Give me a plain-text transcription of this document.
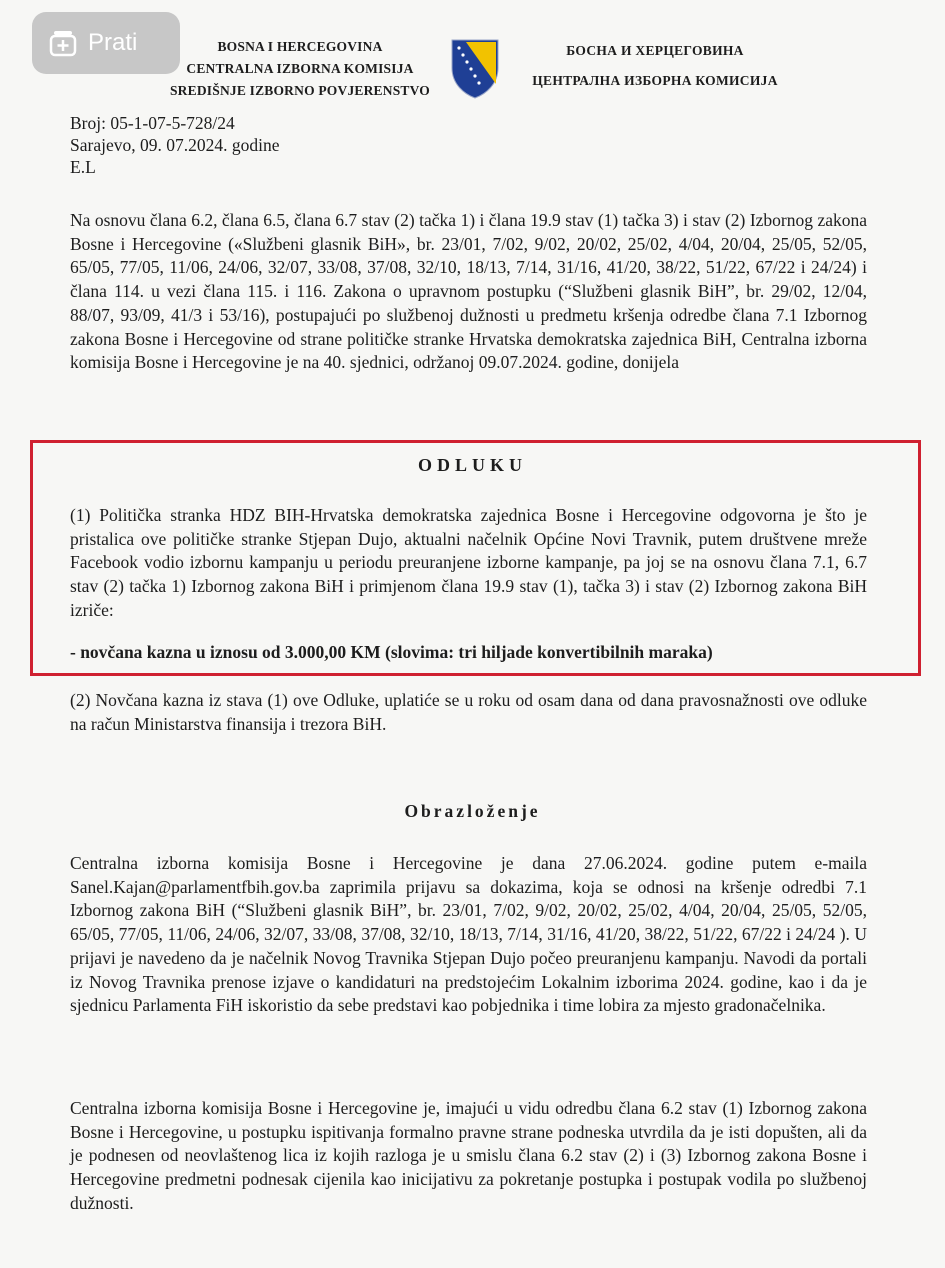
BOSNA I HERCEGOVINA
CENTRALNA IZBORNA KOMISIJA
SREDIŠNJE IZBORNO POVJERENSTVO
БОСНА И ХЕРЦЕГОВИНА
ЦЕНТРАЛНА ИЗБОРНА КОМИСИЈА
Prati
Broj: 05-1-07-5-728/24
Sarajevo, 09. 07.2024. godine
E.L

Na osnovu člana 6.2, člana 6.5, člana 6.7 stav (2) tačka 1) i člana 19.9 stav (1) tačka 3) i stav (2) Izbornog zakona Bosne i Hercegovine («Službeni glasnik BiH», br. 23/01, 7/02, 9/02, 20/02, 25/02, 4/04, 20/04, 25/05, 52/05, 65/05, 77/05, 11/06, 24/06, 32/07, 33/08, 37/08, 32/10, 18/13, 7/14, 31/16, 41/20, 38/22, 51/22, 67/22 i 24/24) i člana 114. u vezi člana 115. i 116. Zakona o upravnom postupku (“Službeni glasnik BiH”, br. 29/02, 12/04, 88/07, 93/09, 41/3 i 53/16), postupajući po službenoj dužnosti u predmetu kršenja odredbe člana 7.1 Izbornog zakona Bosne i Hercegovine od strane političke stranke Hrvatska demokratska zajednica BiH, Centralna izborna komisija Bosne i Hercegovine je na 40. sjednici, održanoj 09.07.2024. godine, donijela

ODLUKU

(1) Politička stranka HDZ BIH-Hrvatska demokratska zajednica Bosne i Hercegovine odgovorna je što je pristalica ove političke stranke Stjepan Dujo, aktualni načelnik Općine Novi Travnik, putem društvene mreže Facebook vodio izbornu kampanju u periodu preuranjene izborne kampanje, pa joj se na osnovu člana 7.1, 6.7 stav (2) tačka 1) Izbornog zakona BiH i primjenom člana 19.9 stav (1), tačka 3) i stav (2) Izbornog zakona BiH izriče:

- novčana kazna u iznosu od 3.000,00 KM (slovima: tri hiljade konvertibilnih maraka)

(2) Novčana kazna iz stava (1) ove Odluke, uplatiće se u roku od osam dana od dana pravosnažnosti ove odluke na račun Ministarstva finansija i trezora BiH.

Obrazloženje

Centralna izborna komisija Bosne i Hercegovine je dana 27.06.2024. godine putem e-maila Sanel.Kajan@parlamentfbih.gov.ba zaprimila prijavu sa dokazima, koja se odnosi na kršenje odredbi 7.1 Izbornog zakona BiH (“Službeni glasnik BiH”, br. 23/01, 7/02, 9/02, 20/02, 25/02, 4/04, 20/04, 25/05, 52/05, 65/05, 77/05, 11/06, 24/06, 32/07, 33/08, 37/08, 32/10, 18/13, 7/14, 31/16, 41/20, 38/22, 51/22, 67/22 i 24/24 ). U prijavi je navedeno da je načelnik Novog Travnika Stjepan Dujo počeo preuranjenu kampanju. Navodi da portali iz Novog Travnika prenose izjave o kandidaturi na predstojećim Lokalnim izborima 2024. godine, kao i da je sjednicu Parlamenta FiH iskoristio da sebe predstavi kao pobjednika i time lobira za mjesto gradonačelnika.

Centralna izborna komisija Bosne i Hercegovine je, imajući u vidu odredbu člana 6.2 stav (1) Izbornog zakona Bosne i Hercegovine, u postupku ispitivanja formalno pravne strane podneska utvrdila da je isti dopušten, ali da je podnesen od neovlaštenog lica iz kojih razloga je u smislu člana 6.2 stav (2) i (3) Izbornog zakona Bosne i Hercegovine predmetni podnesak cijenila kao inicijativu za pokretanje postupka i postupak vodila po službenoj dužnosti.
